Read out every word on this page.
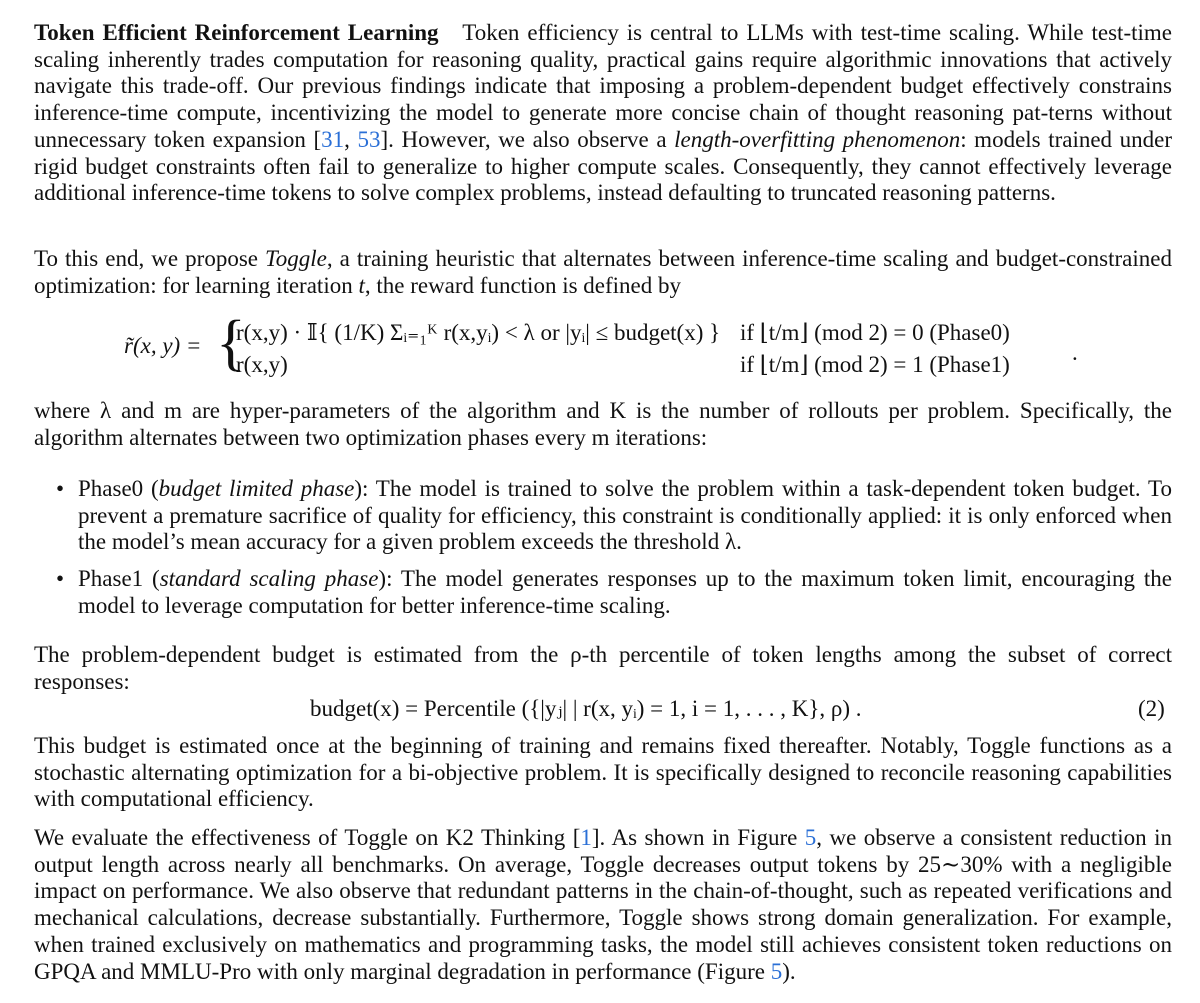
Token Efficient Reinforcement Learning Token efficiency is central to LLMs with test-time scaling. While test-time scaling inherently trades computation for reasoning quality, practical gains require algorithmic innovations that actively navigate this trade-off. Our previous findings indicate that imposing a problem-dependent budget effectively constrains inference-time compute, incentivizing the model to generate more concise chain of thought reasoning pat-terns without unnecessary token expansion [31, 53]. However, we also observe a length-overfitting phenomenon: models trained under rigid budget constraints often fail to generalize to higher compute scales. Consequently, they cannot effectively leverage additional inference-time tokens to solve complex problems, instead defaulting to truncated reasoning patterns.

To this end, we propose Toggle, a training heuristic that alternates between inference-time scaling and budget-constrained optimization: for learning iteration t, the reward function is defined by

r̃(x, y) = {
r(x,y) · 𝕀{ (1/K) Σᵢ₌₁ᴷ r(x,yᵢ) < λ or |yᵢ| ≤ budget(x) } if ⌊t/m⌋ (mod 2) = 0 (Phase0)
r(x,y)	if ⌊t/m⌋ (mod 2) = 1 (Phase1)	.

where λ and m are hyper-parameters of the algorithm and K is the number of rollouts per problem. Specifically, the algorithm alternates between two optimization phases every m iterations:

• Phase0 (budget limited phase): The model is trained to solve the problem within a task-dependent token budget. To prevent a premature sacrifice of quality for efficiency, this constraint is conditionally applied: it is only enforced when the model’s mean accuracy for a given problem exceeds the threshold λ.

• Phase1 (standard scaling phase): The model generates responses up to the maximum token limit, encouraging the model to leverage computation for better inference-time scaling.

The problem-dependent budget is estimated from the ρ-th percentile of token lengths among the subset of correct responses:

budget(x) = Percentile ({|yⱼ| | r(x, yᵢ) = 1, i = 1, . . . , K}, ρ) .	(2)

This budget is estimated once at the beginning of training and remains fixed thereafter. Notably, Toggle functions as a stochastic alternating optimization for a bi-objective problem. It is specifically designed to reconcile reasoning capabilities with computational efficiency.

We evaluate the effectiveness of Toggle on K2 Thinking [1]. As shown in Figure 5, we observe a consistent reduction in output length across nearly all benchmarks. On average, Toggle decreases output tokens by 25∼30% with a negligible impact on performance. We also observe that redundant patterns in the chain-of-thought, such as repeated verifications and mechanical calculations, decrease substantially. Furthermore, Toggle shows strong domain generalization. For example, when trained exclusively on mathematics and programming tasks, the model still achieves consistent token reductions on GPQA and MMLU-Pro with only marginal degradation in performance (Figure 5).
